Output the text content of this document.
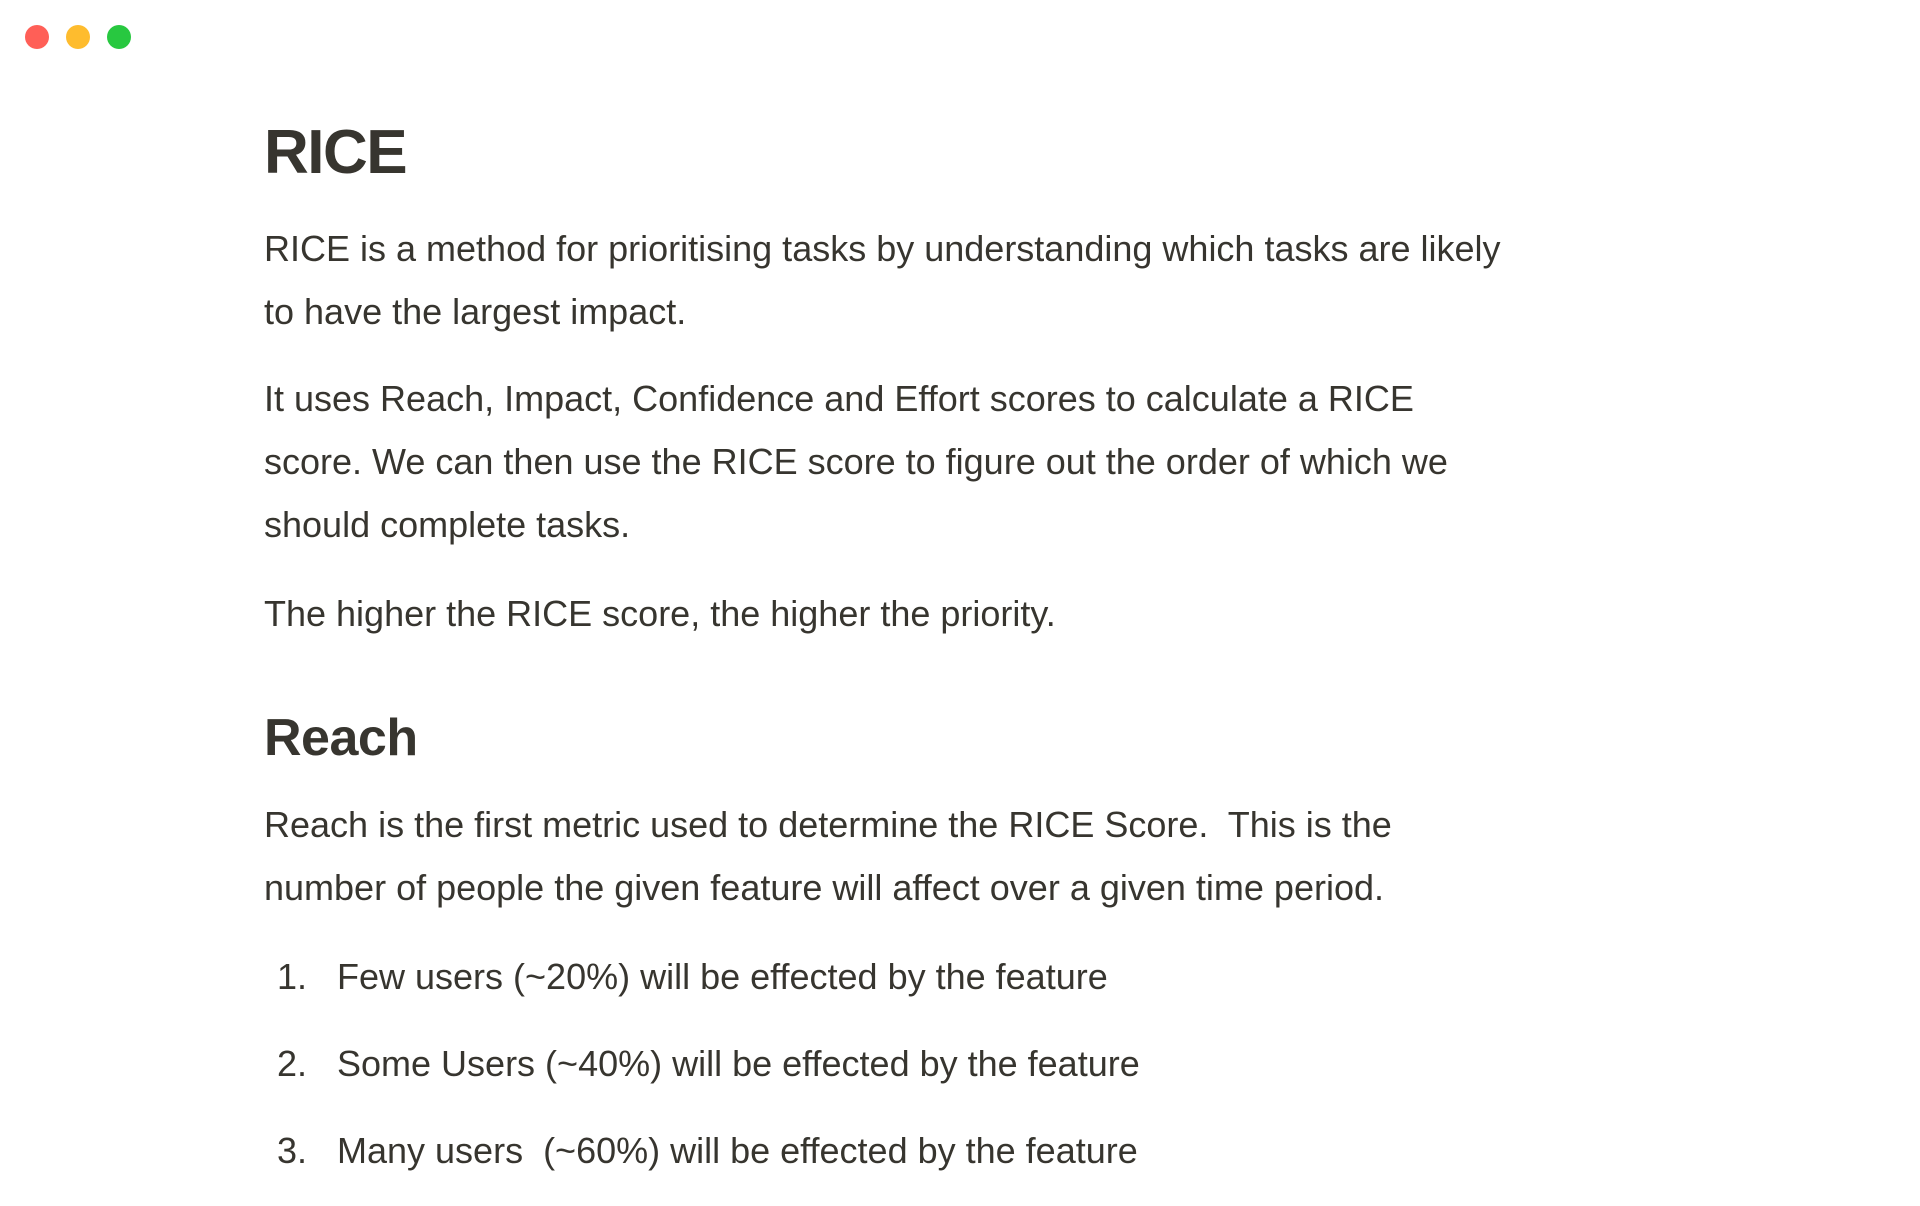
RICE
RICE is a method for prioritising tasks by understanding which tasks are likely to have the largest impact.
It uses Reach, Impact, Confidence and Effort scores to calculate a RICE score. We can then use the RICE score to figure out the order of which we should complete tasks.
The higher the RICE score, the higher the priority.
Reach
Reach is the first metric used to determine the RICE Score.  This is the number of people the given feature will affect over a given time period.
1. Few users (~20%) will be effected by the feature
2. Some Users (~40%) will be effected by the feature
3. Many users  (~60%) will be effected by the feature
